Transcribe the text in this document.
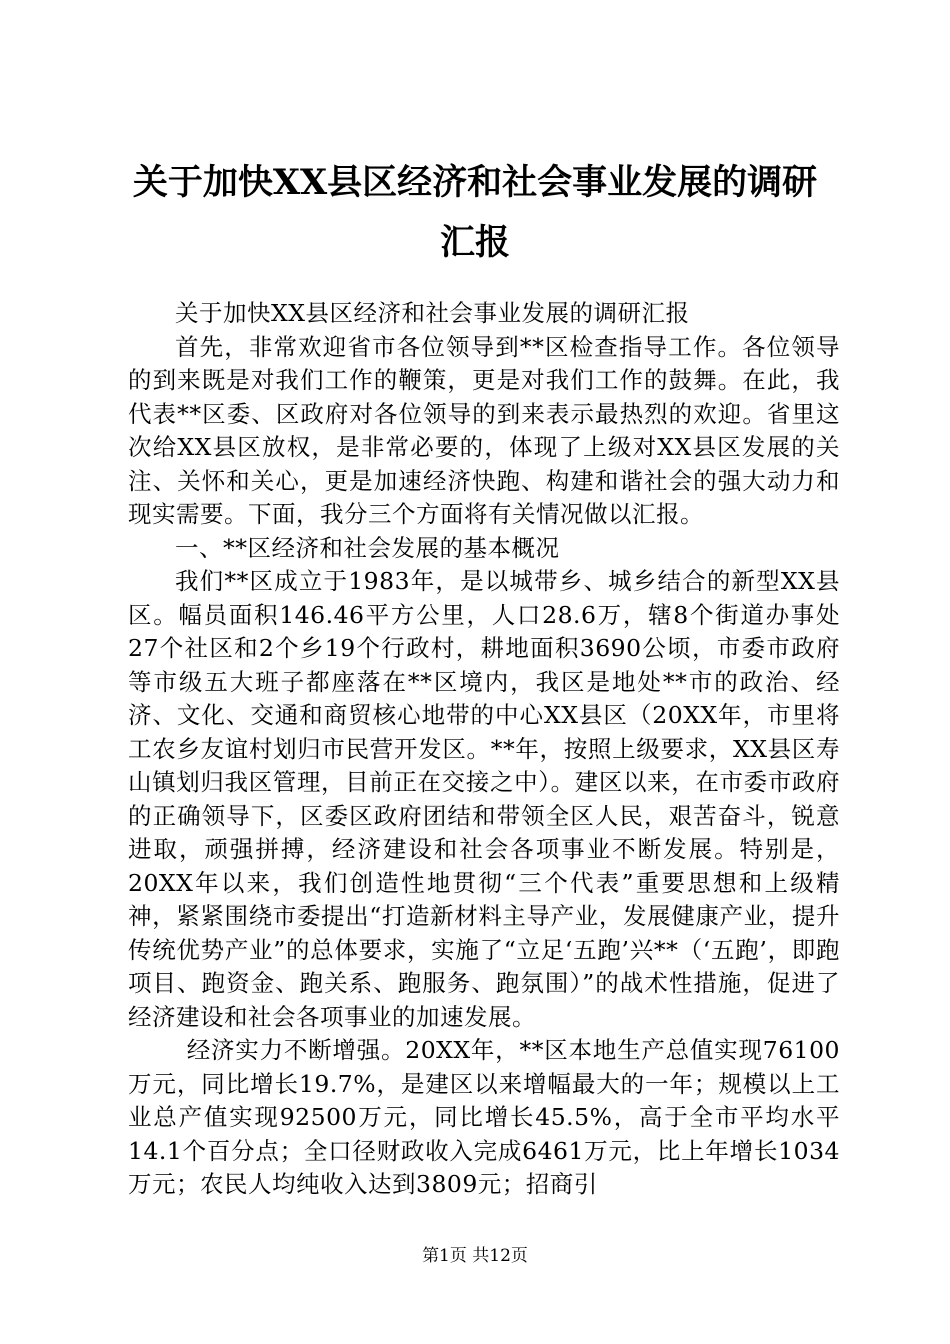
关于加快XX县区经济和社会事业发展的调研
汇报

关于加快XX县区经济和社会事业发展的调研汇报

首先，非常欢迎省市各位领导到**区检查指导工作。各位领导的到来既是对我们工作的鞭策，更是对我们工作的鼓舞。在此，我代表**区委、区政府对各位领导的到来表示最热烈的欢迎。省里这次给XX县区放权，是非常必要的，体现了上级对XX县区发展的关注、关怀和关心，更是加速经济快跑、构建和谐社会的强大动力和现实需要。下面，我分三个方面将有关情况做以汇报。

一、**区经济和社会发展的基本概况

我们**区成立于1983年，是以城带乡、城乡结合的新型XX县区。幅员面积146.46平方公里，人口28.6万，辖8个街道办事处27个社区和2个乡19个行政村，耕地面积3690公顷，市委市政府等市级五大班子都座落在**区境内，我区是地处**市的政治、经济、文化、交通和商贸核心地带的中心XX县区（20XX年，市里将工农乡友谊村划归市民营开发区。**年，按照上级要求，XX县区寿山镇划归我区管理，目前正在交接之中）。建区以来，在市委市政府的正确领导下，区委区政府团结和带领全区人民，艰苦奋斗，锐意进取，顽强拼搏，经济建设和社会各项事业不断发展。特别是，20XX年以来，我们创造性地贯彻“三个代表”重要思想和上级精神，紧紧围绕市委提出“打造新材料主导产业，发展健康产业，提升传统优势产业”的总体要求，实施了“立足‘五跑’兴**（‘五跑’，即跑项目、跑资金、跑关系、跑服务、跑氛围）”的战术性措施，促进了经济建设和社会各项事业的加速发展。

经济实力不断增强。20XX年，**区本地生产总值实现76100万元，同比增长19.7%，是建区以来增幅最大的一年；规模以上工业总产值实现92500万元，同比增长45.5%，高于全市平均水平14.1个百分点；全口径财政收入完成6461万元，比上年增长1034万元；农民人均纯收入达到3809元；招商引

第1页 共12页
